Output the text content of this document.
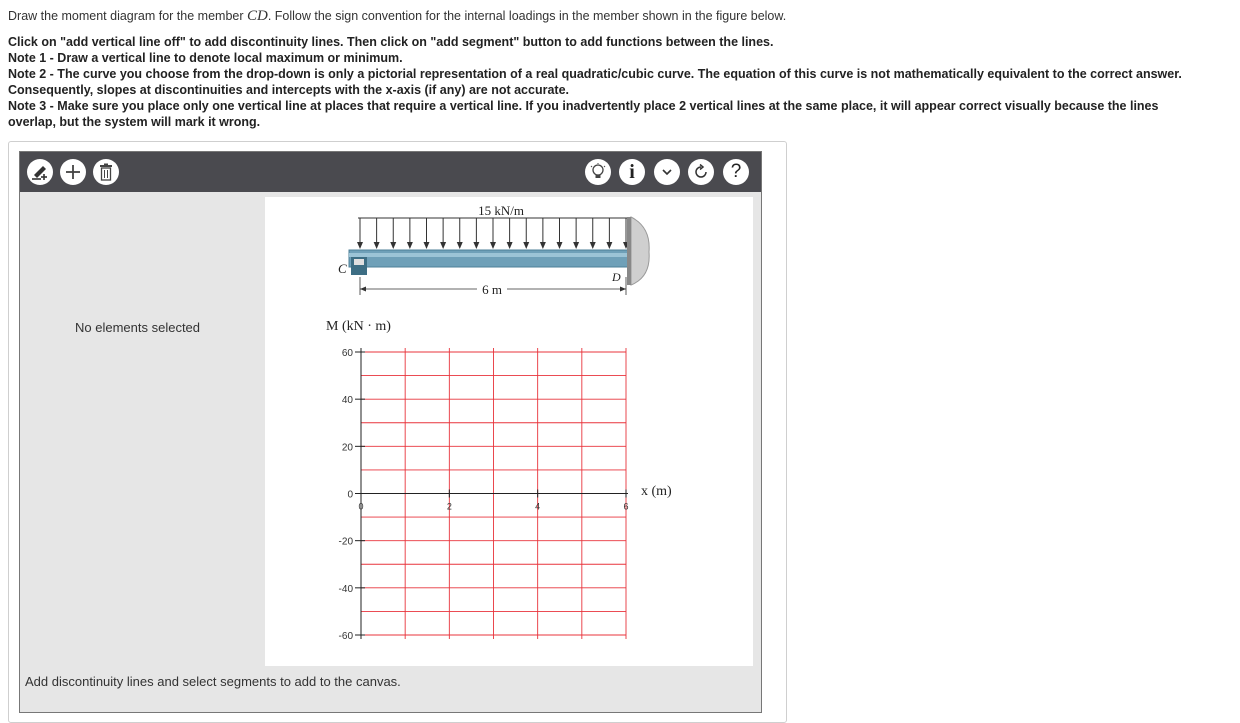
Draw the moment diagram for the member CD. Follow the sign convention for the internal loadings in the member shown in the figure below.
Click on "add vertical line off" to add discontinuity lines. Then click on "add segment" button to add functions between the lines.
Note 1 - Draw a vertical line to denote local maximum or minimum.
Note 2 - The curve you choose from the drop-down is only a pictorial representation of a real quadratic/cubic curve. The equation of this curve is not mathematically equivalent to the correct answer.
Consequently, slopes at discontinuities and intercepts with the x-axis (if any) are not accurate.
Note 3 - Make sure you place only one vertical line at places that require a vertical line. If you inadvertently place 2 vertical lines at the same place, it will appear correct visually because the lines
overlap, but the system will mark it wrong.
i	?
No elements selected
15 kN/m
C
D
6 m
M (kN · m)
x (m)
60
40
20
0
-20
-40
-60
0	2	4	6
Add discontinuity lines and select segments to add to the canvas.
